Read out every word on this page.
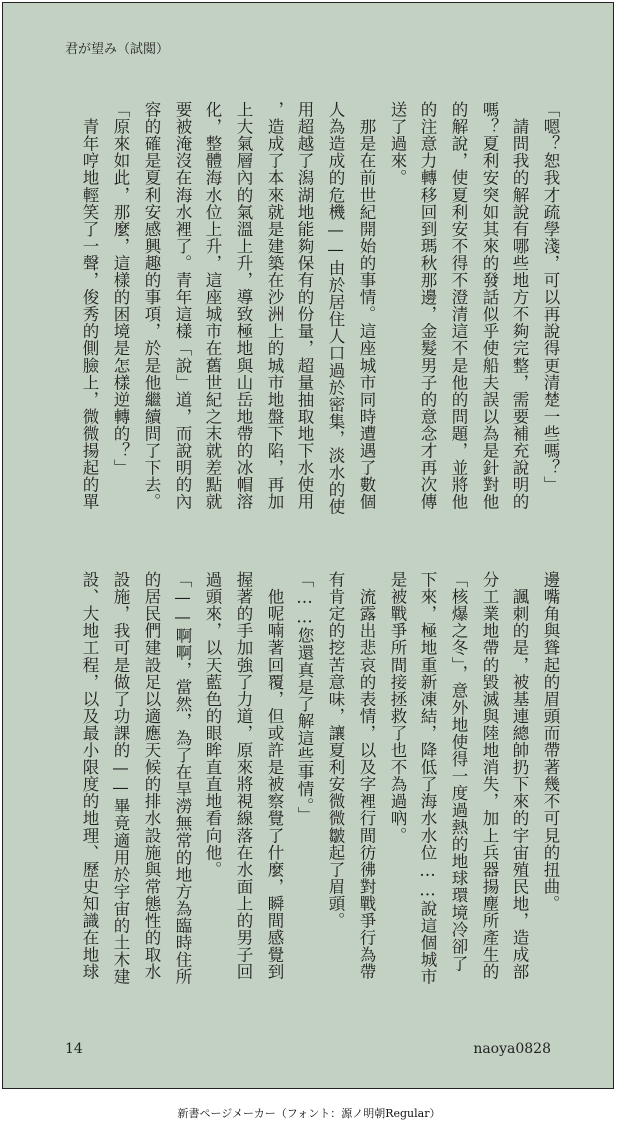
君が望み（試閲）
「嗯？恕我才疏學淺，可以再說得更清楚一些嗎？」
　請問我的解說有哪些地方不夠完整，需要補充說明的
嗎？夏利安突如其來的發話似乎使船夫誤以為是針對他
的解說，使夏利安不得不澄清這不是他的問題，並將他
的注意力轉移回到瑪秋那邊，金髮男子的意念才再次傳
送了過來。
　那是在前世紀開始的事情。這座城市同時遭遇了數個
人為造成的危機——由於居住人口過於密集，淡水的使
用超越了潟湖地能夠保有的份量，超量抽取地下水使用
，造成了本來就是建築在沙洲上的城市地盤下陷，再加
上大氣層內的氣溫上升，導致極地與山岳地帶的冰帽溶
化，整體海水位上升，這座城市在舊世紀之末就差點就
要被淹沒在海水裡了。青年這樣「說」道，而說明的內
容的確是夏利安感興趣的事項，於是他繼續問了下去。
「原來如此，那麼，這樣的困境是怎樣逆轉的？」
　青年哼地輕笑了一聲，俊秀的側臉上，微微揚起的單
邊嘴角與聳起的眉頭而帶著幾不可見的扭曲。
　諷刺的是，被基連總帥扔下來的宇宙殖民地，造成部
分工業地帶的毀滅與陸地消失，加上兵器揚塵所產生的
「核爆之冬」，意外地使得一度過熱的地球環境冷卻了
下來，極地重新凍結，降低了海水水位……說這個城市
是被戰爭所間接拯救了也不為過吶。
　流露出悲哀的表情，以及字裡行間彷彿對戰爭行為帶
有肯定的挖苦意味，讓夏利安微微皺起了眉頭。
「……您還真是了解這些事情。」
　他呢喃著回覆，但或許是被察覺了什麼，瞬間感覺到
握著的手加強了力道，原來將視線落在水面上的男子回
過頭來，以天藍色的眼眸直直地看向他。
「——啊啊，當然，為了在旱澇無常的地方為臨時住所
的居民們建設足以適應天候的排水設施與常態性的取水
設施，我可是做了功課的——畢竟適用於宇宙的土木建
設、大地工程，以及最小限度的地理、歷史知識在地球
14	naoya0828
新書ページメーカー（フォント：源ノ明朝Regular）
